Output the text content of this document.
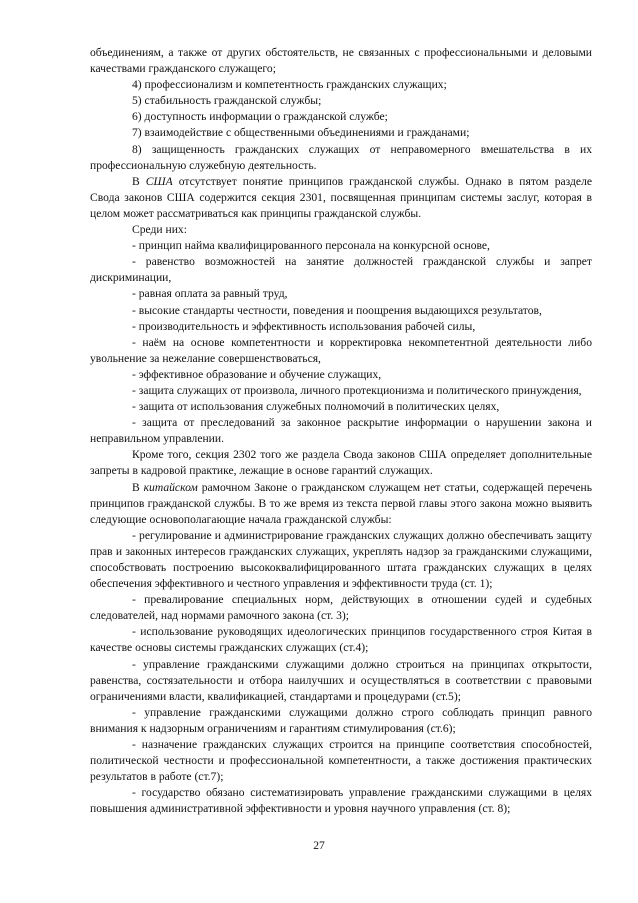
объединениям, а также от других обстоятельств, не связанных с профессиональными и деловыми качествами гражданского служащего;

4) профессионализм и компетентность гражданских служащих;

5) стабильность гражданской службы;

6) доступность информации о гражданской службе;

7) взаимодействие с общественными объединениями и гражданами;

8) защищенность гражданских служащих от неправомерного вмешательства в их профессиональную служебную деятельность.

В США отсутствует понятие принципов гражданской службы. Однако в пятом разделе Свода законов США содержится секция 2301, посвященная принципам системы заслуг, которая в целом может рассматриваться как принципы гражданской службы.

Среди них:

- принцип найма квалифицированного персонала на конкурсной основе,

- равенство возможностей на занятие должностей гражданской службы и запрет дискриминации,

- равная оплата за равный труд,

- высокие стандарты честности, поведения и поощрения выдающихся результатов,

- производительность и эффективность использования рабочей силы,

- наём на основе компетентности и корректировка некомпетентной деятельности либо увольнение за нежелание совершенствоваться,

- эффективное образование и обучение служащих,

- защита служащих от произвола, личного протекционизма и политического принуждения,

- защита от использования служебных полномочий в политических целях,

- защита от преследований за законное раскрытие информации о нарушении закона и неправильном управлении.

Кроме того, секция 2302 того же раздела Свода законов США определяет дополнительные запреты в кадровой практике, лежащие в основе гарантий служащих.

В китайском рамочном Законе о гражданском служащем нет статьи, содержащей перечень принципов гражданской службы. В то же время из текста первой главы этого закона можно выявить следующие основополагающие начала гражданской службы:

- регулирование и администрирование гражданских служащих должно обеспечивать защиту прав и законных интересов гражданских служащих, укреплять надзор за гражданскими служащими, способствовать построению высококвалифицированного штата гражданских служащих в целях обеспечения эффективного и честного управления и эффективности труда (ст. 1);

- превалирование специальных норм, действующих в отношении судей и судебных следователей, над нормами рамочного закона (ст. 3);

- использование руководящих идеологических принципов государственного строя Китая в качестве основы системы гражданских служащих (ст.4);

- управление гражданскими служащими должно строиться на принципах открытости, равенства, состязательности и отбора наилучших и осуществляться в соответствии с правовыми ограничениями власти, квалификацией, стандартами и процедурами (ст.5);

- управление гражданскими служащими должно строго соблюдать принцип равного внимания к надзорным ограничениям и гарантиям стимулирования (ст.6);

- назначение гражданских служащих строится на принципе соответствия способностей, политической честности и профессиональной компетентности, а также достижения практических результатов в работе (ст.7);

- государство обязано систематизировать управление гражданскими служащими в целях повышения административной эффективности и уровня научного управления (ст. 8);

27
